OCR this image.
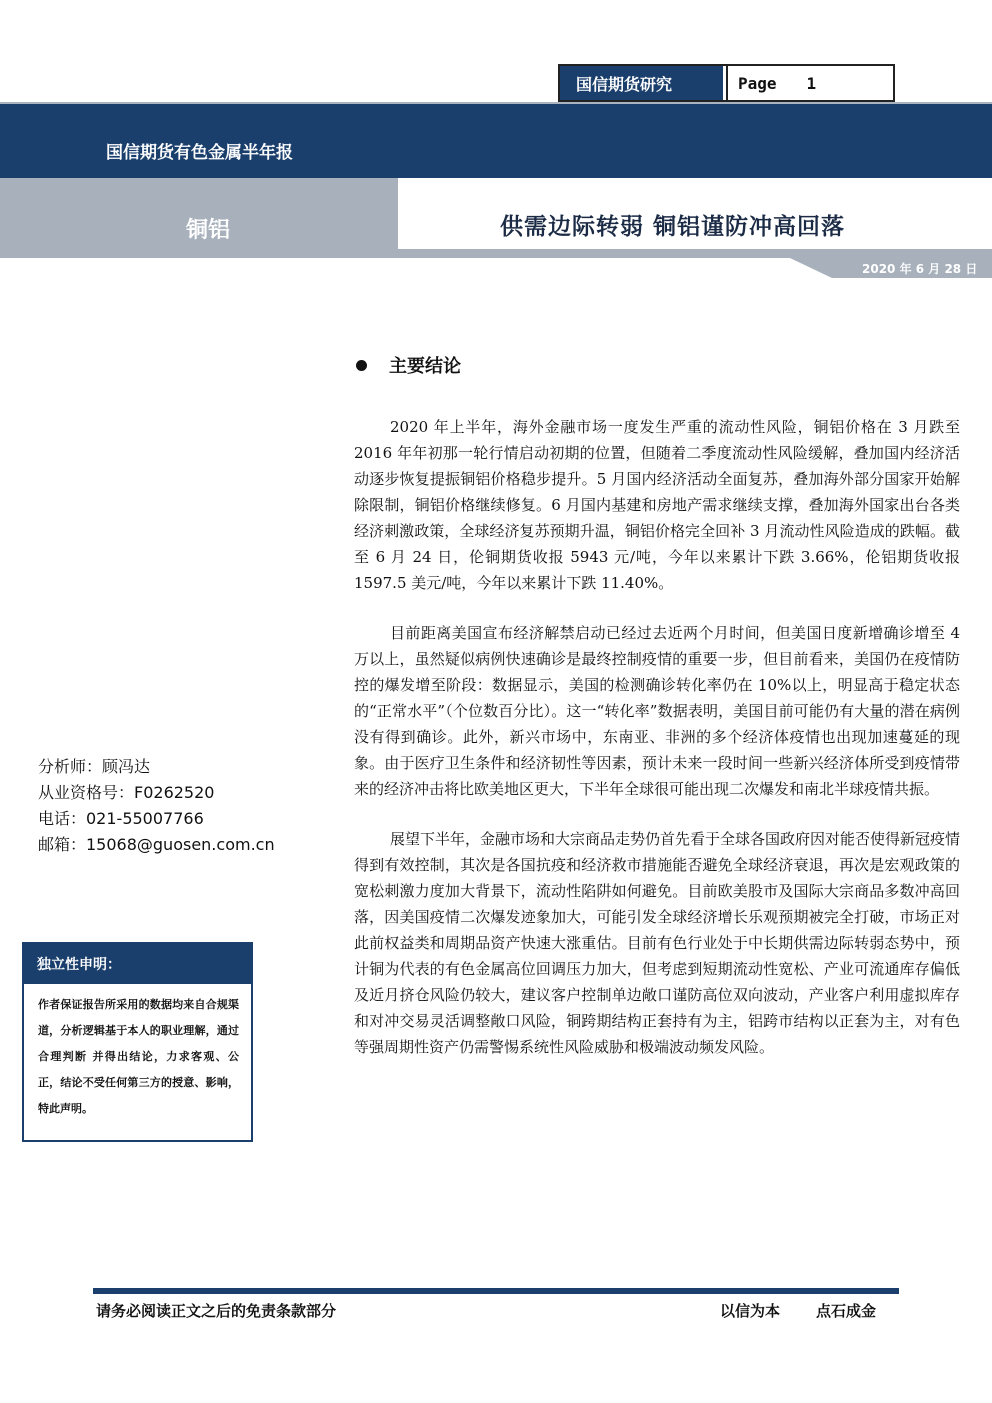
国信期货研究	Page 1
国信期货有色金属半年报
铜铝
2020 年 6 月 28 日
供需边际转弱 铜铝谨防冲高回落
主要结论

2020 年上半年，海外金融市场一度发生严重的流动性风险，铜铝价格在 3 月跌至 2016 年年初那一轮行情启动初期的位置，但随着二季度流动性风险缓解，叠加国内经济活动逐步恢复提振铜铝价格稳步提升。5 月国内经济活动全面复苏，叠加海外部分国家开始解除限制，铜铝价格继续修复。6 月国内基建和房地产需求继续支撑，叠加海外国家出台各类经济刺激政策，全球经济复苏预期升温，铜铝价格完全回补 3 月流动性风险造成的跌幅。截至 6 月 24 日，伦铜期货收报 5943 元/吨，今年以来累计下跌 3.66%，伦铝期货收报 1597.5 美元/吨，今年以来累计下跌 11.40%。

目前距离美国宣布经济解禁启动已经过去近两个月时间，但美国日度新增确诊增至 4 万以上，虽然疑似病例快速确诊是最终控制疫情的重要一步，但目前看来，美国仍在疫情防控的爆发增至阶段：数据显示，美国的检测确诊转化率仍在 10%以上，明显高于稳定状态的“正常水平”（个位数百分比）。这一“转化率”数据表明，美国目前可能仍有大量的潜在病例没有得到确诊。此外，新兴市场中，东南亚、非洲的多个经济体疫情也出现加速蔓延的现象。由于医疗卫生条件和经济韧性等因素，预计未来一段时间一些新兴经济体所受到疫情带来的经济冲击将比欧美地区更大，下半年全球很可能出现二次爆发和南北半球疫情共振。

展望下半年，金融市场和大宗商品走势仍首先看于全球各国政府因对能否使得新冠疫情得到有效控制，其次是各国抗疫和经济救市措施能否避免全球经济衰退，再次是宏观政策的宽松刺激力度加大背景下，流动性陷阱如何避免。目前欧美股市及国际大宗商品多数冲高回落，因美国疫情二次爆发迹象加大，可能引发全球经济增长乐观预期被完全打破，市场正对此前权益类和周期品资产快速大涨重估。目前有色行业处于中长期供需边际转弱态势中，预计铜为代表的有色金属高位回调压力加大，但考虑到短期流动性宽松、产业可流通库存偏低及近月挤仓风险仍较大，建议客户控制单边敞口谨防高位双向波动，产业客户利用虚拟库存和对冲交易灵活调整敞口风险，铜跨期结构正套持有为主，铝跨市结构以正套为主，对有色等强周期性资产仍需警惕系统性风险威胁和极端波动频发风险。

分析师：顾冯达
从业资格号：F0262520
电话：021-55007766
邮箱：15068@guosen.com.cn
独立性申明：
作者保证报告所采用的数据均来自合规渠道，分析逻辑基于本人的职业理解，通过合理判断 并得出结论，力求客观、公正，结论不受任何第三方的授意、影响，特此声明。
请务必阅读正文之后的免责条款部分	以信为本 点石成金
